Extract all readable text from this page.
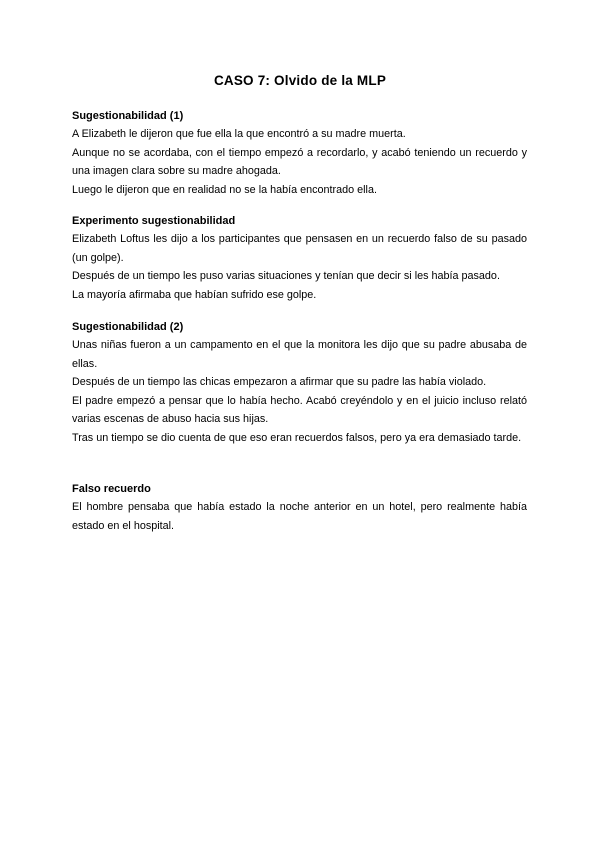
CASO 7: Olvido de la MLP

Sugestionabilidad (1)

A Elizabeth le dijeron que fue ella la que encontró a su madre muerta.

Aunque no se acordaba, con el tiempo empezó a recordarlo, y acabó teniendo un recuerdo y una imagen clara sobre su madre ahogada.

Luego le dijeron que en realidad no se la había encontrado ella.

Experimento sugestionabilidad

Elizabeth Loftus les dijo a los participantes que pensasen en un recuerdo falso de su pasado (un golpe).

Después de un tiempo les puso varias situaciones y tenían que decir si les había pasado.

La mayoría afirmaba que habían sufrido ese golpe.

Sugestionabilidad (2)

Unas niñas fueron a un campamento en el que la monitora les dijo que su padre abusaba de ellas.

Después de un tiempo las chicas empezaron a afirmar que su padre las había violado.

El padre empezó a pensar que lo había hecho. Acabó creyéndolo y en el juicio incluso relató varias escenas de abuso hacia sus hijas.

Tras un tiempo se dio cuenta de que eso eran recuerdos falsos, pero ya era demasiado tarde.

Falso recuerdo

El hombre pensaba que había estado la noche anterior en un hotel, pero realmente había estado en el hospital.
